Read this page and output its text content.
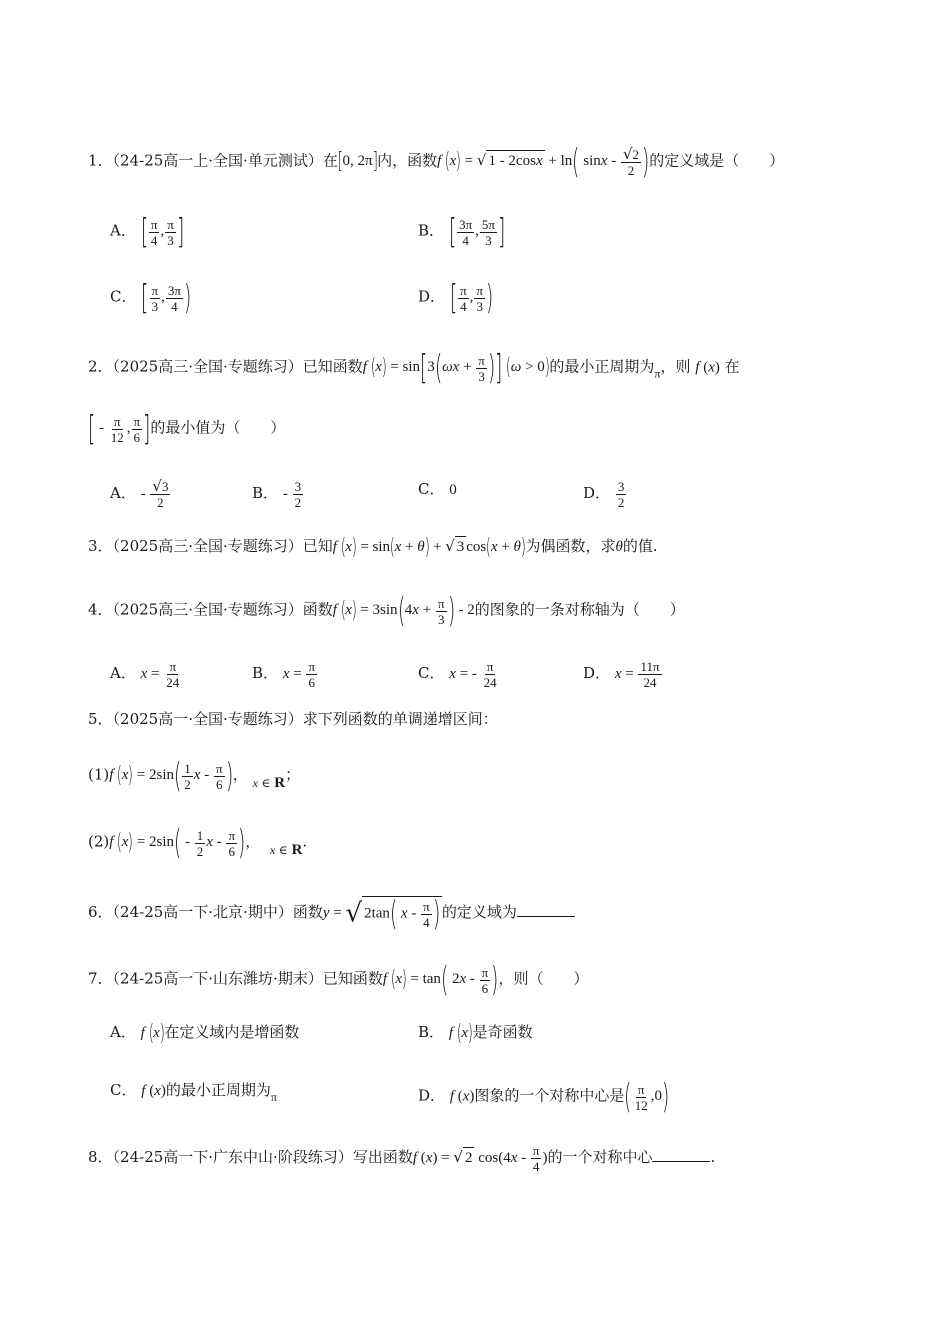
1．（24-25高一上·全国·单元测试）在[0, 2π]内，函数f (x) = √ 1 - 2cosx + ln( sinx - $\frac{√2}{2}$ )的定义域是（　　）
A． [ $\frac{\pi}{4}$ , $\frac{\pi}{3}$ ]	B． [ $\frac{3\pi}{4}$ , $\frac{5\pi}{3}$ ]
C． [ $\frac{\pi}{3}$ , $\frac{3\pi}{4}$ )	D． [ $\frac{\pi}{4}$ , $\frac{\pi}{3}$ )
2．（2025高三·全国·专题练习）已知函数f $(x) = \sin[3(\omega x + \frac{\pi}{3}$ )] (ω > 0)的最小正周期为$_\pi$，则 f (x) 在
[ - $\frac{\pi}{12}$ , $\frac{\pi}{6}$ ]的最小值为（　　）
A． - $\frac{√3}{2}$	B． - $\frac{3}{2}$	C． 0	D． $\frac{3}{2}$
3．（2025高三·全国·专题练习）已知f (x) = sin(x + θ) + √ 3 cos(x + θ)为偶函数，求θ的值.
4．（2025高三·全国·专题练习）函数f $(x) = 3\sin(4x + \frac{\pi}{3}$ ) - 2的图象的一条对称轴为（　　）
A． $x = \frac{\pi}{24}$	B． $x = \frac{\pi}{6}$	C． x = - $\frac{\pi}{24}$	D． $x = \frac{11\pi}{24}$
5．（2025高一·全国·专题练习）求下列函数的单调递增区间：
(1)f $(x) = 2\sin( \frac{1}{2}$ x - $\frac{\pi}{6}$ )， x ∈ R；
(2)f $(x) = 2\sin( - \frac{1}{2}$ x - $\frac{\pi}{6}$ )， x ∈ R.
6．（24-25高一下·北京·期中）函数y = √ 2tan( x - $\frac{\pi}{4}$ ) 的定义域为
7．（24-25高一下·山东潍坊·期末）已知函数f (x) = tan( $2x - \frac{\pi}{6}$ )，则（　　）
A． f (x)在定义域内是增函数	B． f (x)是奇函数
C． f (x)的最小正周期为$_\pi$	D． f (x)图象的一个对称中心是( $\frac{\pi}{12} ,0$)
8．（24-25高一下·广东中山·阶段练习）写出函数f (x) = √ 2 $\cos(4x - \frac{\pi}{4}$ )的一个对称中心	.
